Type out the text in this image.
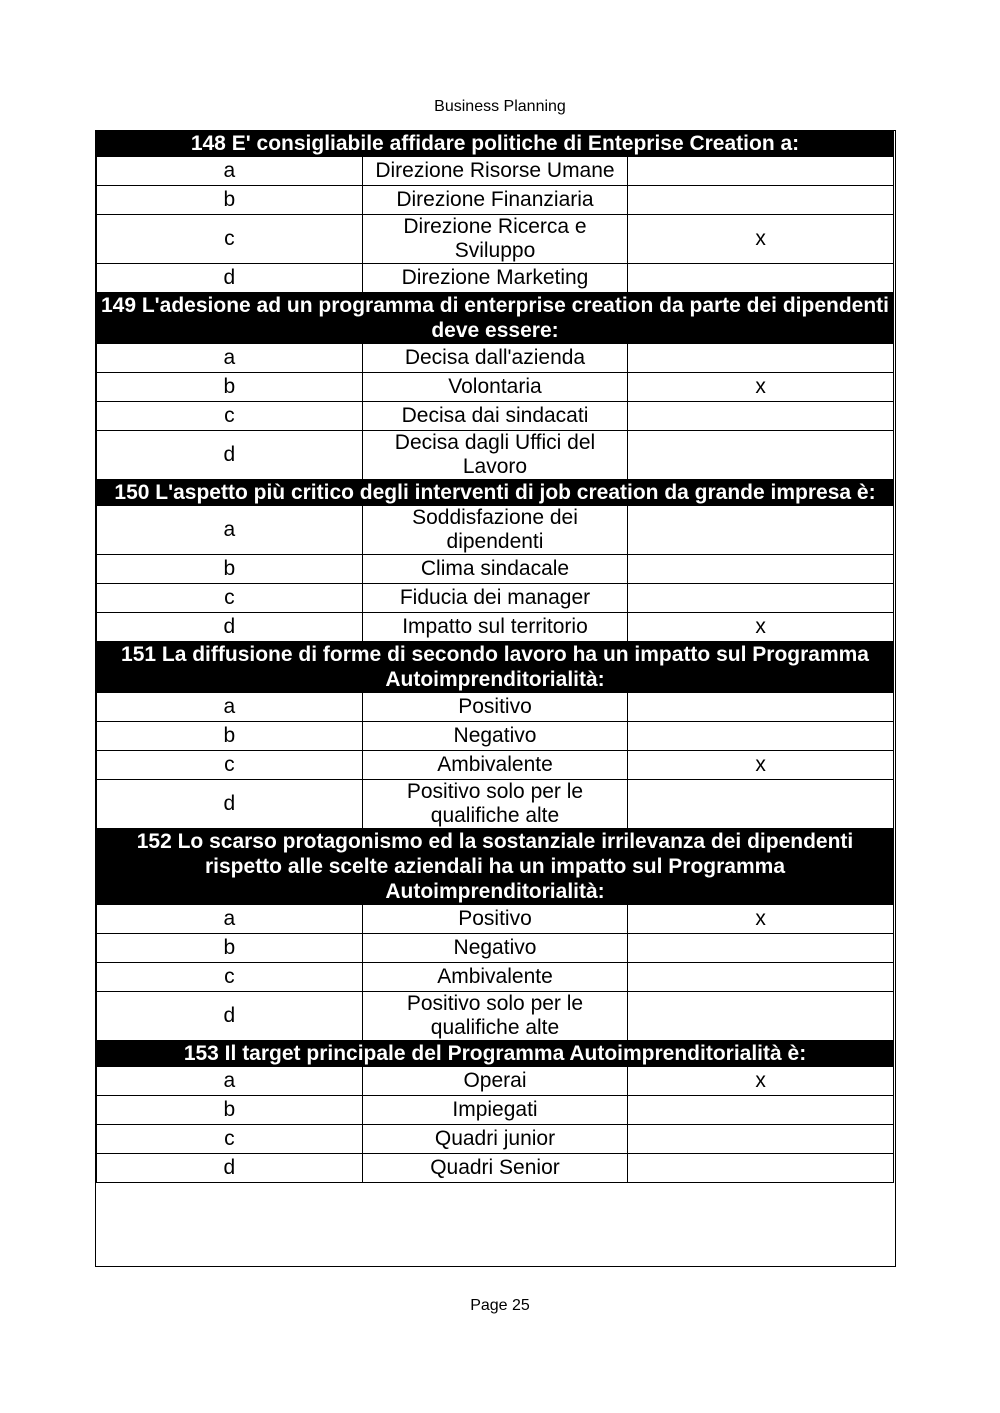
Business Planning
148 E' consigliabile affidare politiche di Enteprise Creation a:		
a	Direzione Risorse Umane	
b	Direzione Finanziaria	
c	Direzione Ricerca e Sviluppo	x
d	Direzione Marketing	
149 L'adesione ad un programma di enterprise creation da parte dei dipendenti deve essere:		
a	Decisa dall'azienda	
b	Volontaria	x
c	Decisa dai sindacati	
d	Decisa dagli Uffici del Lavoro	
150 L'aspetto più critico degli interventi di job creation da grande impresa è:		
a	Soddisfazione dei dipendenti	
b	Clima sindacale	
c	Fiducia dei manager	
d	Impatto sul territorio	x
151 La diffusione di forme di secondo lavoro ha un impatto sul Programma Autoimprenditorialità:		
a	Positivo	
b	Negativo	
c	Ambivalente	x
d	Positivo solo per le qualifiche alte	
152 Lo scarso protagonismo ed la sostanziale irrilevanza dei dipendenti rispetto alle scelte aziendali ha un impatto sul Programma Autoimprenditorialità:		
a	Positivo	x
b	Negativo	
c	Ambivalente	
d	Positivo solo per le qualifiche alte	
153 Il target principale del Programma Autoimprenditorialità è:		
a	Operai	x
b	Impiegati	
c	Quadri junior	
d	Quadri Senior	
Page 25
